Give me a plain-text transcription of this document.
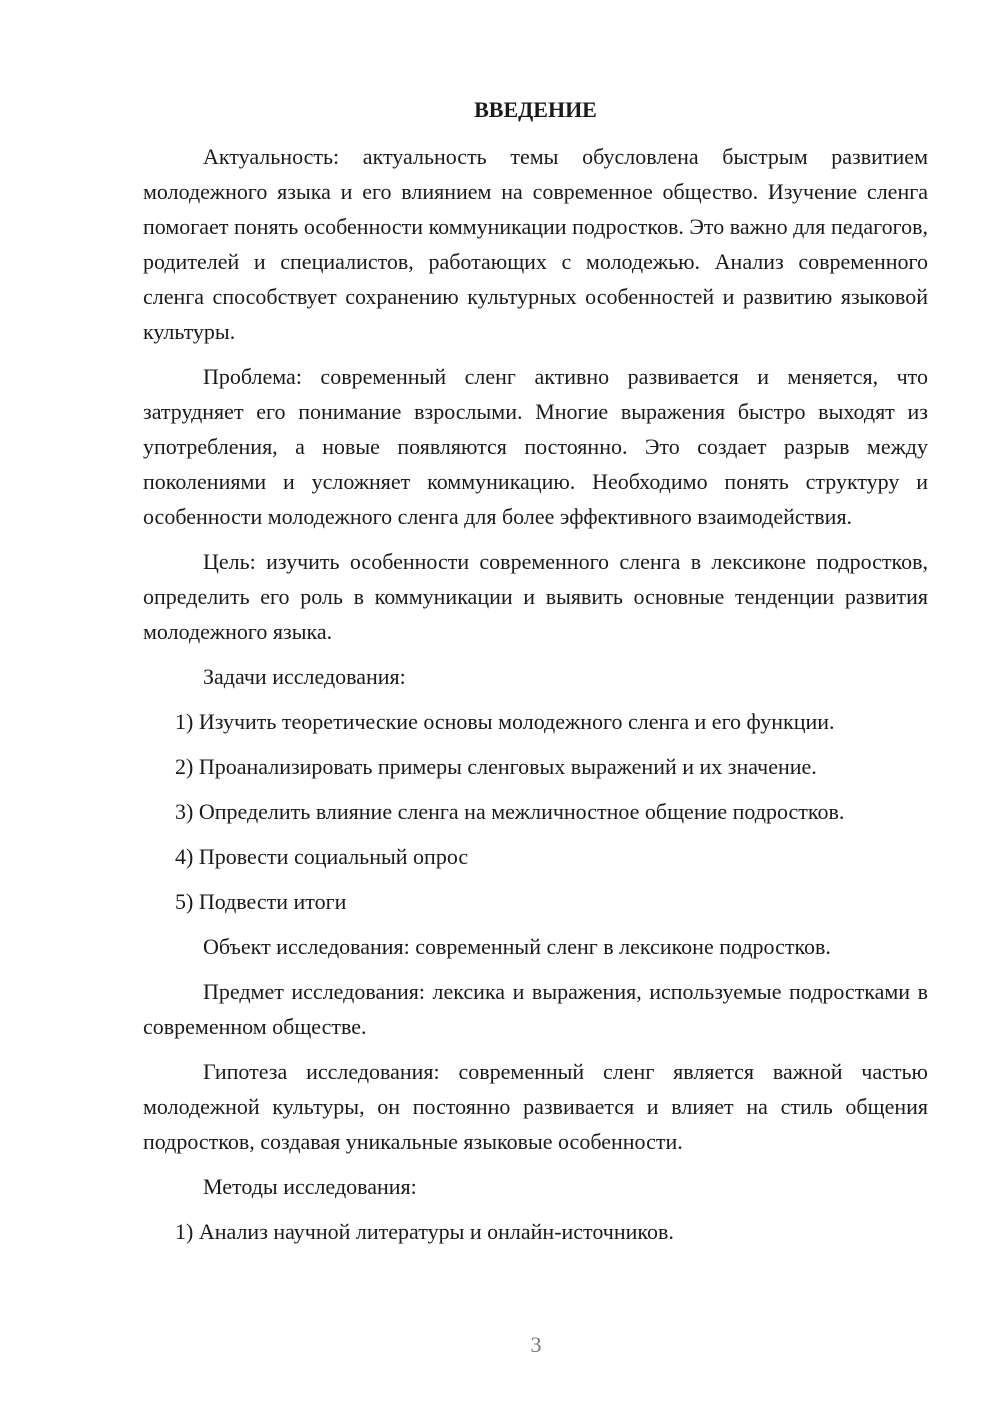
ВВЕДЕНИЕ

Актуальность: актуальность темы обусловлена быстрым развитием молодежного языка и его влиянием на современное общество. Изучение сленга помогает понять особенности коммуникации подростков. Это важно для педагогов, родителей и специалистов, работающих с молодежью. Анализ современного сленга способствует сохранению культурных особенностей и развитию языковой культуры.

Проблема: современный сленг активно развивается и меняется, что затрудняет его понимание взрослыми. Многие выражения быстро выходят из употребления, а новые появляются постоянно. Это создает разрыв между поколениями и усложняет коммуникацию. Необходимо понять структуру и особенности молодежного сленга для более эффективного взаимодействия.

Цель: изучить особенности современного сленга в лексиконе подростков, определить его роль в коммуникации и выявить основные тенденции развития молодежного языка.

Задачи исследования:

1) Изучить теоретические основы молодежного сленга и его функции.

2) Проанализировать примеры сленговых выражений и их значение.

3) Определить влияние сленга на межличностное общение подростков.

4) Провести социальный опрос

5) Подвести итоги

Объект исследования: современный сленг в лексиконе подростков.

Предмет исследования: лексика и выражения, используемые подростками в современном обществе.

Гипотеза исследования: современный сленг является важной частью молодежной культуры, он постоянно развивается и влияет на стиль общения подростков, создавая уникальные языковые особенности.

Методы исследования:

1) Анализ научной литературы и онлайн-источников.

3
